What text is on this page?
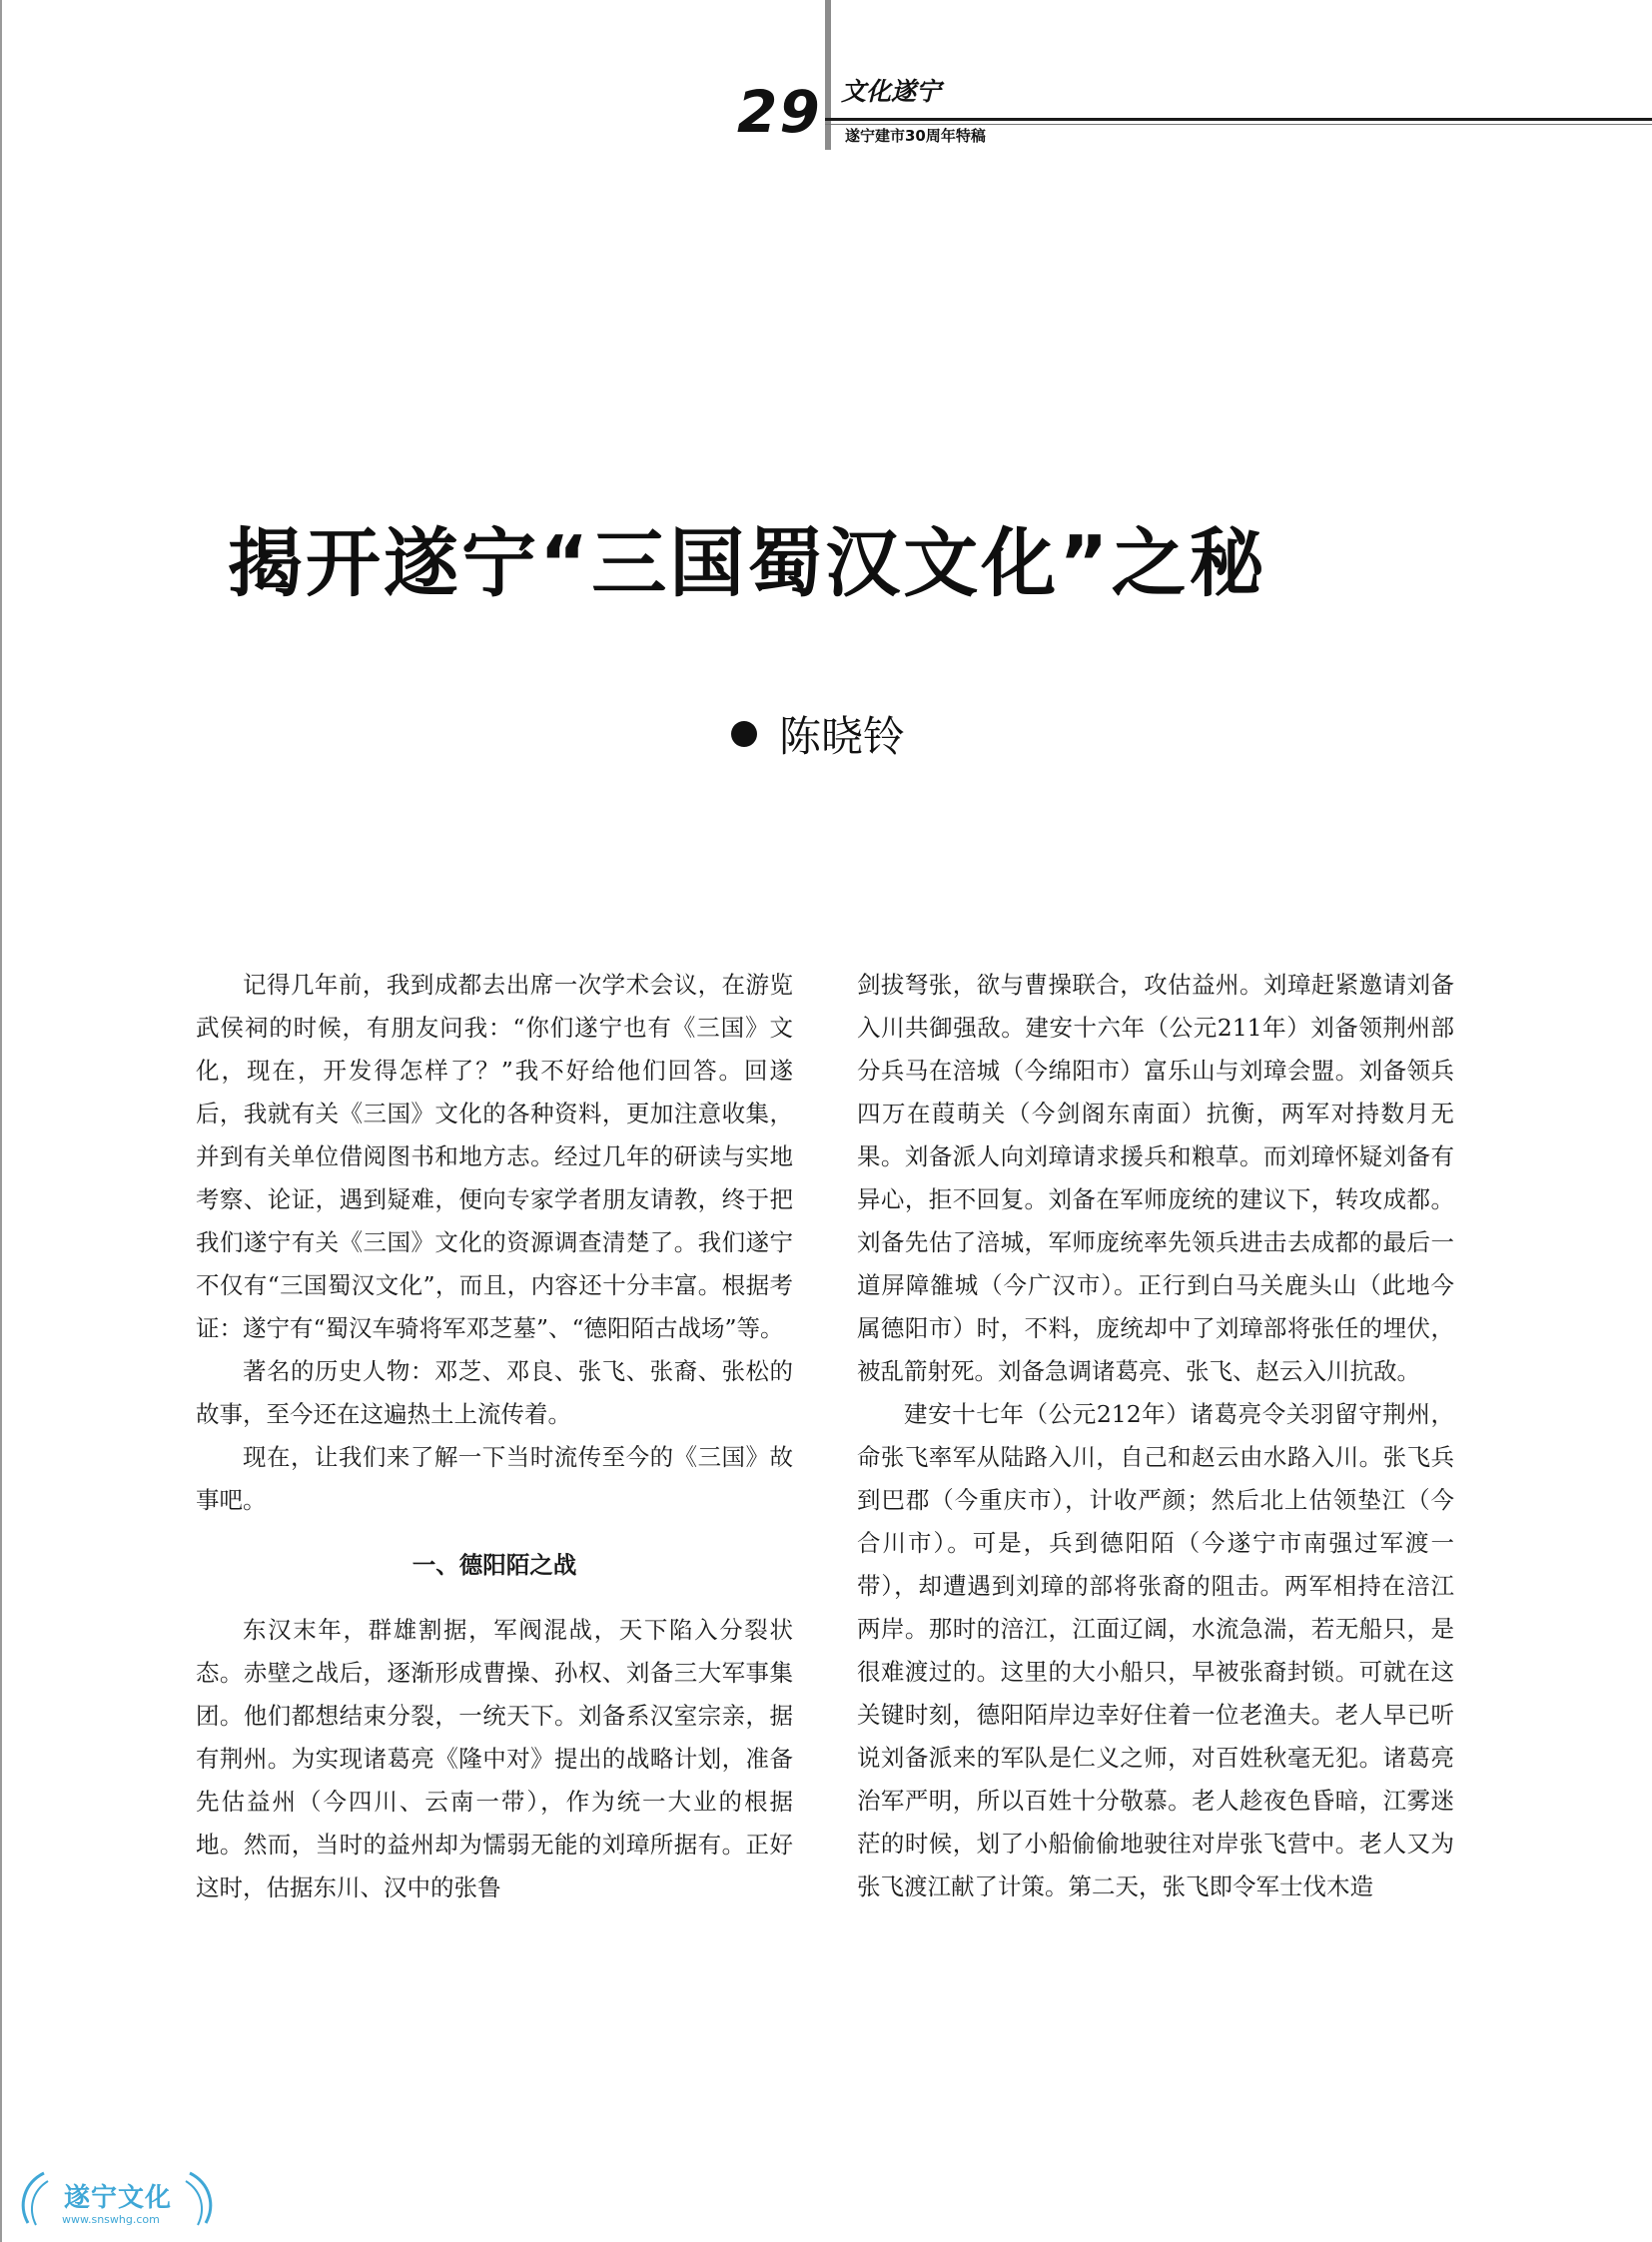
29 文化遂宁
遂宁建市30周年特稿
揭开遂宁“三国蜀汉文化”之秘
陈晓铃

记得几年前，我到成都去出席一次学术会议，在游览武侯祠的时候，有朋友问我：“你们遂宁也有《三国》文化，现在，开发得怎样了？”我不好给他们回答。回遂后，我就有关《三国》文化的各种资料，更加注意收集，并到有关单位借阅图书和地方志。经过几年的研读与实地考察、论证，遇到疑难，便向专家学者朋友请教，终于把我们遂宁有关《三国》文化的资源调查清楚了。我们遂宁不仅有“三国蜀汉文化”，而且，内容还十分丰富。根据考证：遂宁有“蜀汉车骑将军邓芝墓”、“德阳陌古战场”等。

著名的历史人物：邓芝、邓良、张飞、张裔、张松的故事，至今还在这遍热土上流传着。

现在，让我们来了解一下当时流传至今的《三国》故事吧。

一、德阳陌之战

东汉末年，群雄割据，军阀混战，天下陷入分裂状态。赤壁之战后，逐渐形成曹操、孙权、刘备三大军事集团。他们都想结束分裂，一统天下。刘备系汉室宗亲，据有荆州。为实现诸葛亮《隆中对》提出的战略计划，准备先估益州（今四川、云南一带），作为统一大业的根据地。然而，当时的益州却为懦弱无能的刘璋所据有。正好这时，估据东川、汉中的张鲁

剑拔弩张，欲与曹操联合，攻估益州。刘璋赶紧邀请刘备入川共御强敌。建安十六年（公元211年）刘备领荆州部分兵马在涪城（今绵阳市）富乐山与刘璋会盟。刘备领兵四万在葭萌关（今剑阁东南面）抗衡，两军对持数月无果。刘备派人向刘璋请求援兵和粮草。而刘璋怀疑刘备有异心，拒不回复。刘备在军师庞统的建议下，转攻成都。刘备先估了涪城，军师庞统率先领兵进击去成都的最后一道屏障雒城（今广汉市）。正行到白马关鹿头山（此地今属德阳市）时，不料，庞统却中了刘璋部将张任的埋伏，被乱箭射死。刘备急调诸葛亮、张飞、赵云入川抗敌。

建安十七年（公元212年）诸葛亮令关羽留守荆州，命张飞率军从陆路入川，自己和赵云由水路入川。张飞兵到巴郡（今重庆市），计收严颜；然后北上估领垫江（今合川市）。可是，兵到德阳陌（今遂宁市南强过军渡一带），却遭遇到刘璋的部将张裔的阻击。两军相持在涪江两岸。那时的涪江，江面辽阔，水流急湍，若无船只，是很难渡过的。这里的大小船只，早被张裔封锁。可就在这关键时刻，德阳陌岸边幸好住着一位老渔夫。老人早已听说刘备派来的军队是仁义之师，对百姓秋毫无犯。诸葛亮治军严明，所以百姓十分敬慕。老人趁夜色昏暗，江雾迷茫的时候，划了小船偷偷地驶往对岸张飞营中。老人又为张飞渡江献了计策。第二天，张飞即令军士伐木造

遂宁文化
www.snswhg.com
